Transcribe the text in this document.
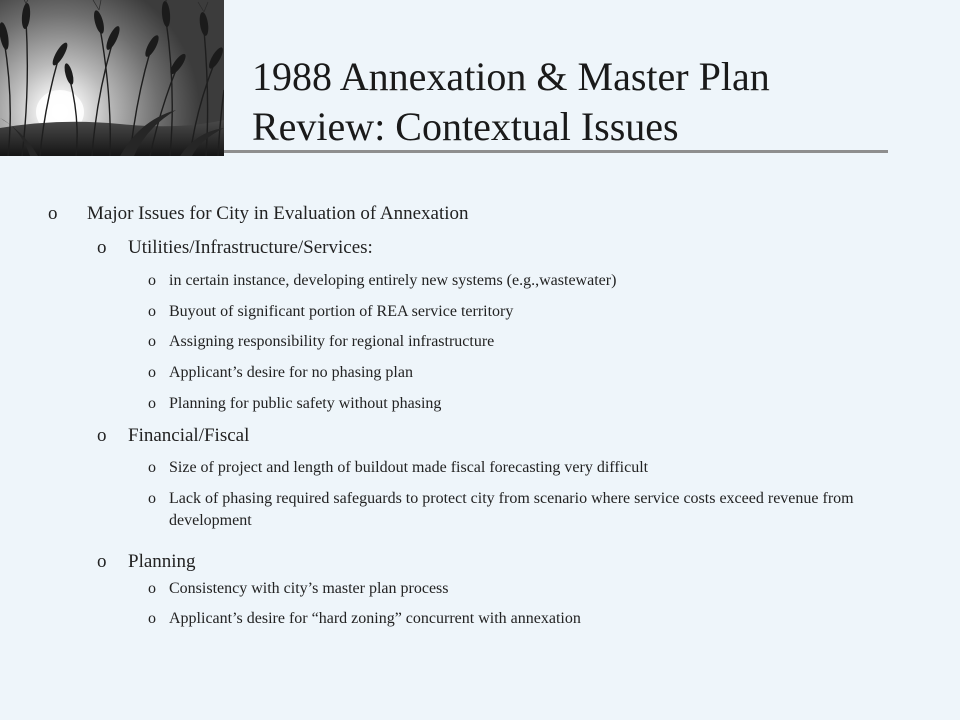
1988 Annexation & Master Plan
Review: Contextual Issues
o Major Issues for City in Evaluation of Annexation
o Utilities/Infrastructure/Services:
o in certain instance, developing entirely new systems (e.g.,wastewater)
o Buyout of significant portion of REA service territory
o Assigning responsibility for regional infrastructure
o Applicant’s desire for no phasing plan
o Planning for public safety without phasing
o Financial/Fiscal
o Size of project and length of buildout made fiscal forecasting very difficult
o Lack of phasing required safeguards to protect city from scenario where service costs exceed revenue from development
o Planning
o Consistency with city’s master plan process
o Applicant’s desire for “hard zoning” concurrent with annexation
